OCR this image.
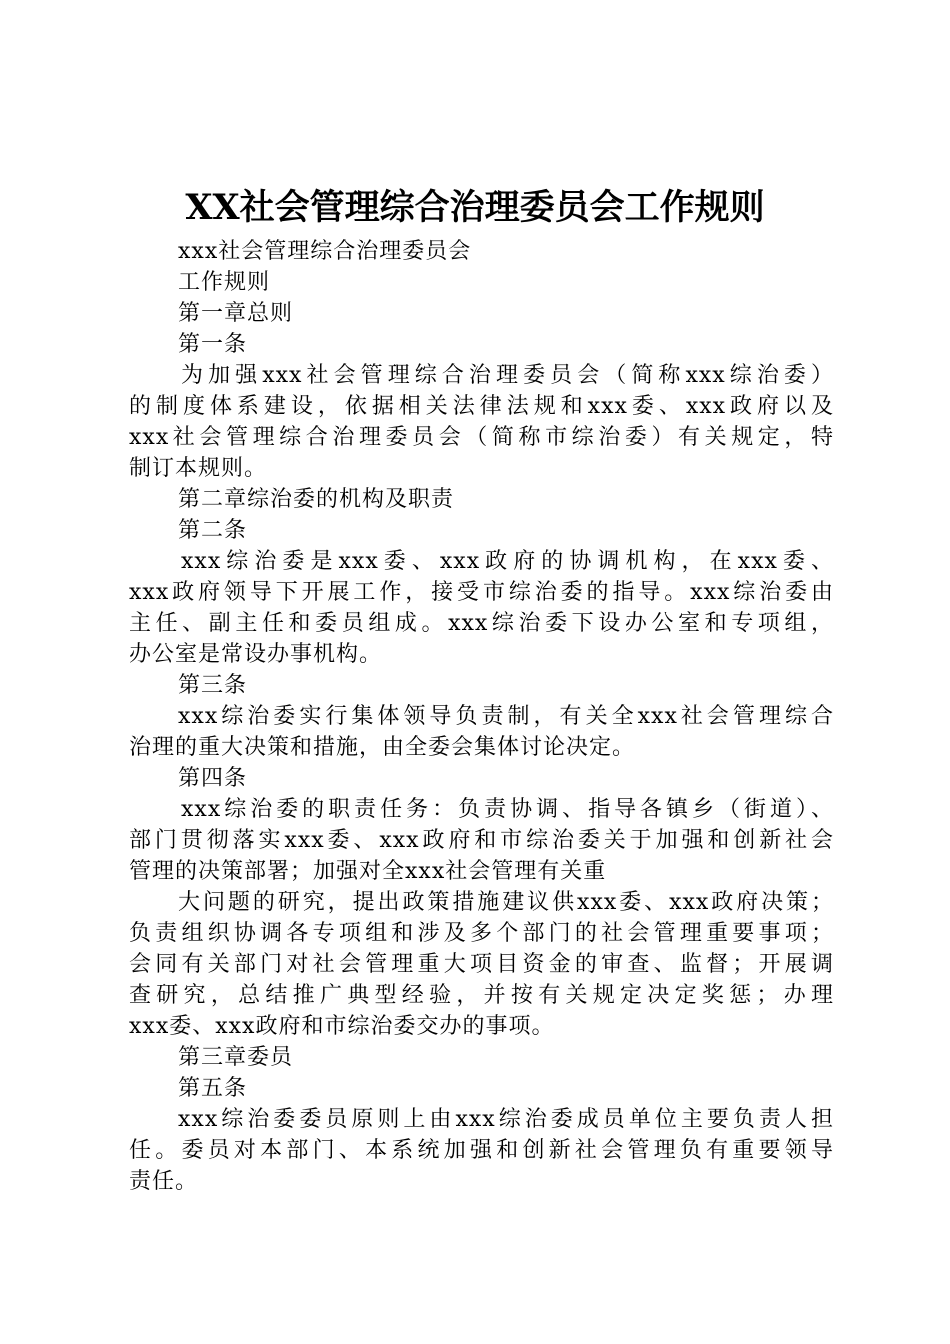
XX社会管理综合治理委员会工作规则
xxx社会管理综合治理委员会
工作规则
第一章总则
第一条
为加强xxx社会管理综合治理委员会（简称xxx综治委）
的制度体系建设，依据相关法律法规和xxx委、xxx政府以及
xxx社会管理综合治理委员会（简称市综治委）有关规定，特
制订本规则。
第二章综治委的机构及职责
第二条
xxx综治委是xxx委、xxx政府的协调机构，在xxx委、
xxx政府领导下开展工作，接受市综治委的指导。xxx综治委由
主任、副主任和委员组成。xxx综治委下设办公室和专项组，
办公室是常设办事机构。
第三条
xxx综治委实行集体领导负责制，有关全xxx社会管理综合
治理的重大决策和措施，由全委会集体讨论决定。
第四条
xxx综治委的职责任务：负责协调、指导各镇乡（街道）、
部门贯彻落实xxx委、xxx政府和市综治委关于加强和创新社会
管理的决策部署；加强对全xxx社会管理有关重
大问题的研究，提出政策措施建议供xxx委、xxx政府决策；
负责组织协调各专项组和涉及多个部门的社会管理重要事项；
会同有关部门对社会管理重大项目资金的审查、监督；开展调
查研究，总结推广典型经验，并按有关规定决定奖惩；办理
xxx委、xxx政府和市综治委交办的事项。
第三章委员
第五条
xxx综治委委员原则上由xxx综治委成员单位主要负责人担
任。委员对本部门、本系统加强和创新社会管理负有重要领导
责任。
